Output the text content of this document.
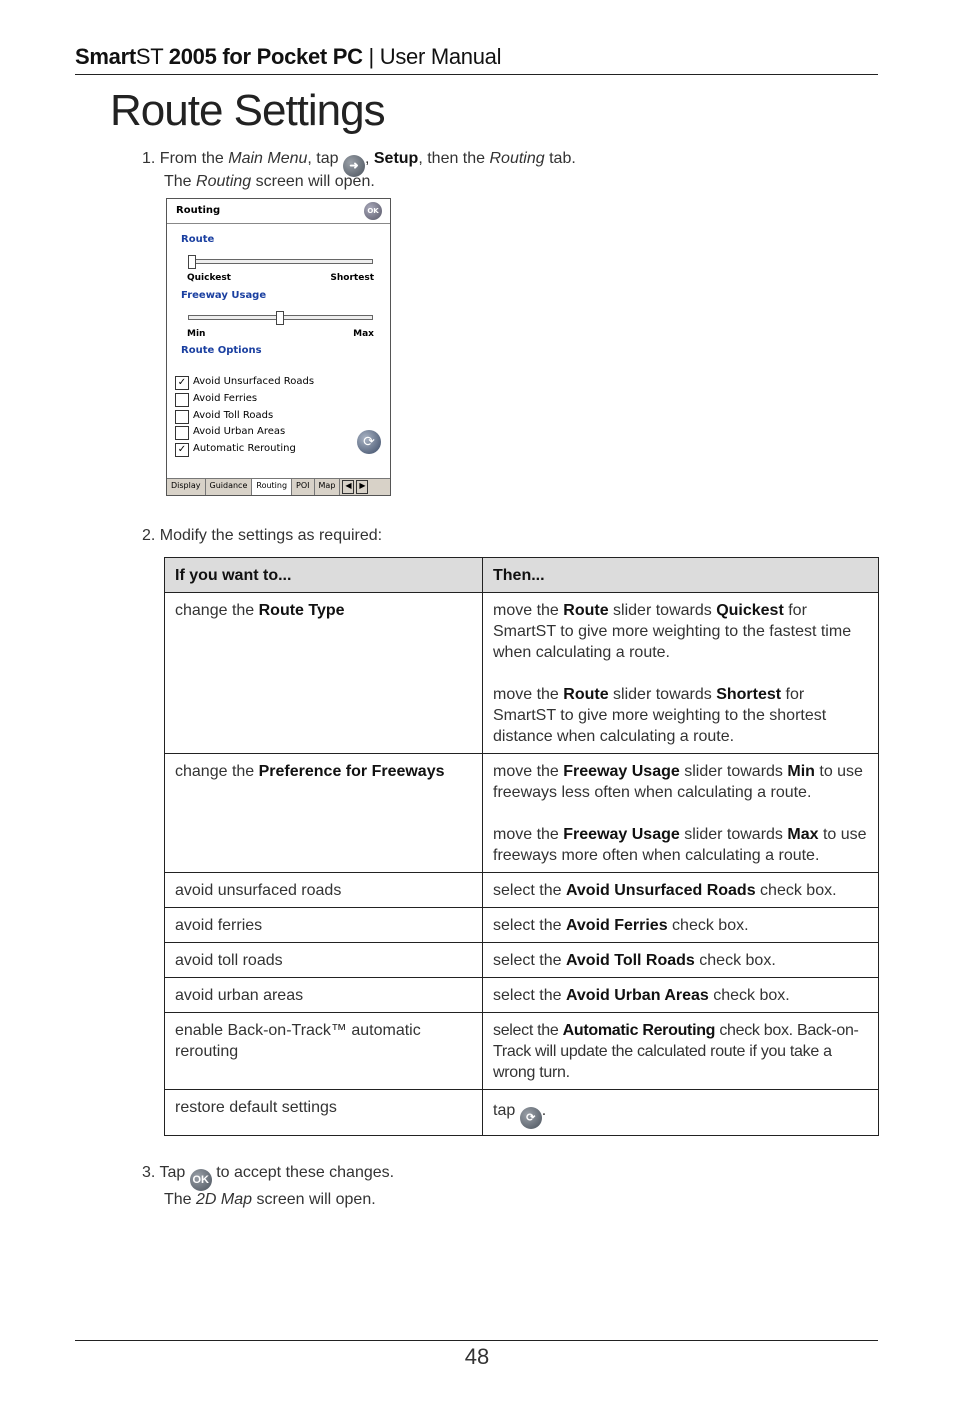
SmartST 2005 for Pocket PC | User Manual
Route Settings
1. From the Main Menu, tap ➜ , Setup, then the Routing tab.
The Routing screen will open.
Routing	OK
Route
Quickest	Shortest
Freeway Usage
Min	Max
Route Options
✓ Avoid Unsurfaced Roads
Avoid Ferries
Avoid Toll Roads
Avoid Urban Areas
✓ Automatic Rerouting	⟳
Display	Guidance	Routing	POI	Map	◀ ▶
2. Modify the settings as required:
If you want to...	Then...
change the Route Type	move the Route slider towards Quickest for SmartST to give more weighting to the fastest time when calculating a route.
move the Route slider towards Shortest for SmartST to give more weighting to the shortest distance when calculating a route.

change the Preference for Freeways	move the Freeway Usage slider towards Min to use freeways less often when calculating a route.
move the Freeway Usage slider towards Max to use freeways more often when calculating a route.

avoid unsurfaced roads	select the Avoid Unsurfaced Roads check box.
avoid ferries	select the Avoid Ferries check box.
avoid toll roads	select the Avoid Toll Roads check box.
avoid urban areas	select the Avoid Urban Areas check box.
enable Back-on-Track™ automatic rerouting	select the Automatic Rerouting check box. Back-on-Track will update the calculated route if you take a wrong turn.
restore default settings	tap ⟳ .
3. Tap OK to accept these changes.
The 2D Map screen will open.
48
